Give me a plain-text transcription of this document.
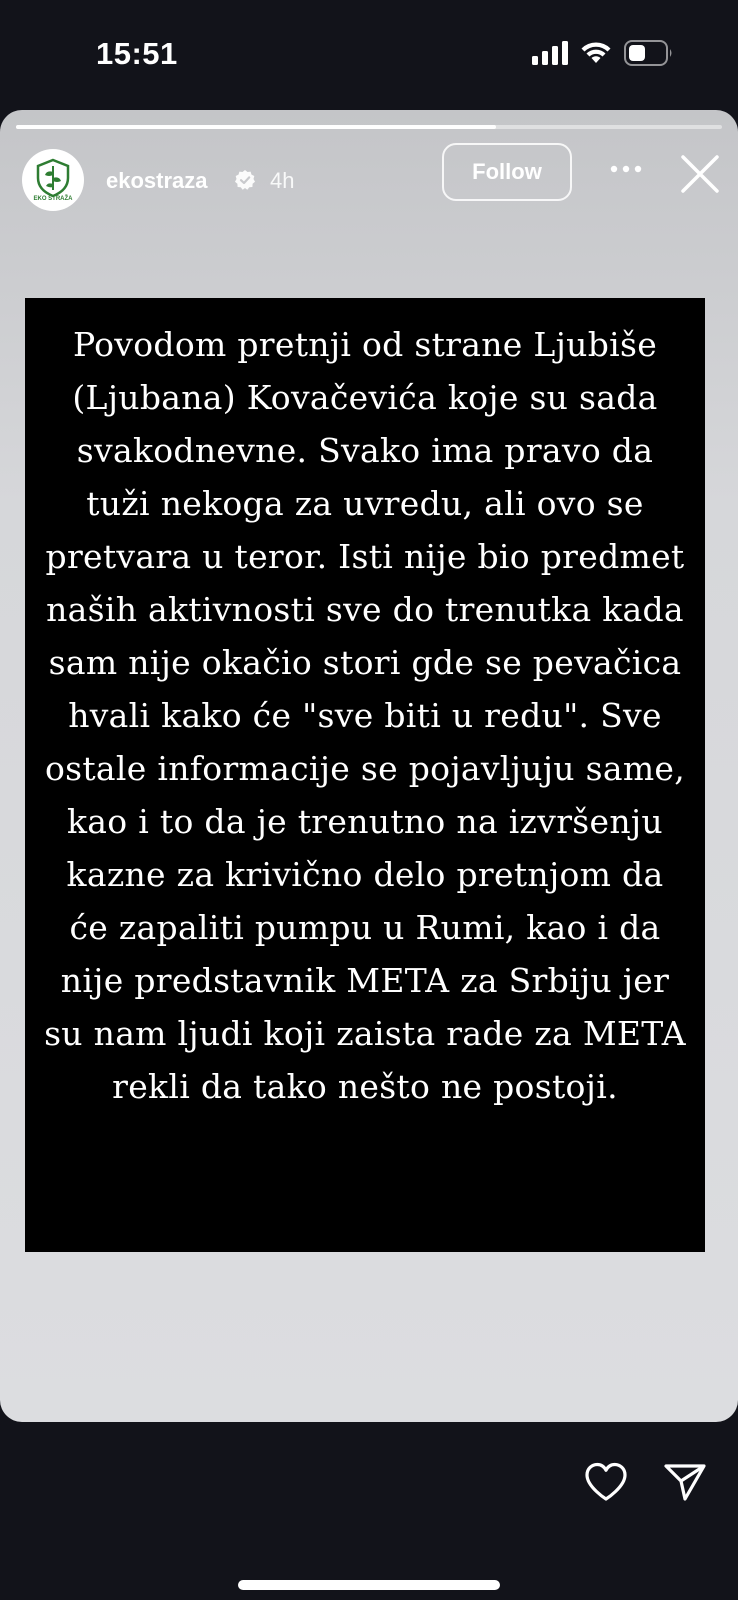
15:51
EKO STRAŽA
ekostraza	4h	Follow

Povodom pretnji od strane Ljubiše (Ljubana) Kovačevića koje su sada svakodnevne. Svako ima pravo da tuži nekoga za uvredu, ali ovo se pretvara u teror. Isti nije bio predmet naših aktivnosti sve do trenutka kada sam nije okačio stori gde se pevačica hvali kako će "sve biti u redu". Sve ostale informacije se pojavljuju same, kao i to da je trenutno na izvršenju kazne za krivično delo pretnjom da će zapaliti pumpu u Rumi, kao i da nije predstavnik META za Srbiju jer su nam ljudi koji zaista rade za META rekli da tako nešto ne postoji.
